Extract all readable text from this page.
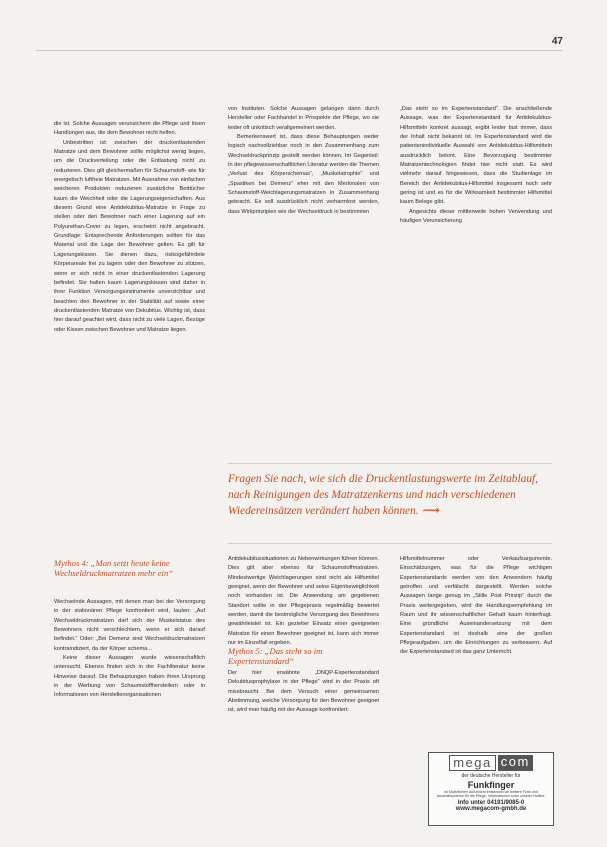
47

die ist. Solche Aussagen verunsichern die Pflege und lösen Handlungen aus, die dem Bewohner nicht helfen.

Unbestritten ist: zwischen der druckentlastenden Matratze und dem Bewohner sollte möglichst wenig liegen, um die Druckverteilung oder die Entlastung nicht zu reduzieren. Dies gilt gleichermaßen für Schaumstoff- wie für energetisch luftfreie Matratzen. Mit Ausnahme von einfachen weicheren Produkten reduzieren zusätzliche Betttücher kaum die Weichheit oder die Lagerungseigenschaften. Aus diesem Grund eine Antidekubitus-Matratze in Frage zu stellen oder den Bewohner nach einer Lagerung auf ein Polyurethan-Cover zu legen, erscheint nicht angebracht. Grundlage: Entsprechende Anforderungen sollten für das Material und die Lage der Bewohner gelten. Es gilt für Lagerungskissen. Sie dienen dazu, risikogefährdete Körperareale frei zu lagern oder den Bewohner zu stützen, wenn er sich nicht in einer druckentlastenden Lagerung befindet. Sie halten kaum Lagerungskissen sind daher in ihrer Funktion Versorgungsinstrumente unverzichtbar und beachten den Bewohner in der Stabilität auf sowie einer druckentlastenden Matratze von Dekubitus. Wichtig ist, dass hier darauf geachtet wird, dass nicht zu viele Lagen, Bezüge oder Kissen zwischen Bewohner und Matratze liegen.

von Instituten. Solche Aussagen gelangen dann durch Hersteller oder Fachhandel in Prospekte der Pflege, wo sie leider oft unkritisch verallgemeinert werden.

Bemerkenswert ist, dass diese Behauptungen weder logisch nachvollziehbar noch in den Zusammenhang zum Wechseldruckprinzip gestellt werden können. Im Gegenteil: In der pflegewissenschaftlichen Literatur werden die Themen „Verlust des Körperschemas“, „Muskelatrophie“ und „Spastiken bei Demenz“ eher mit den Merkmalen von Schaumstoff-Weichlagerungsmatratzen in Zusammenhang gebracht. Es soll ausdrücklich nicht verharmlost werden, dass Wirkprinzipien wie der Wechseldruck in bestimmten

„Das steht so im Expertenstandard“. Die anschließende Aussage, was der Expertenstandard für Antidekubitus-Hilfsmitteln konkret aussagt, ergibt leider fast immer, dass der Inhalt nicht bekannt ist. Im Expertenstandard wird die patientenindividuelle Auswahl von Antidekubitus-Hilfsmitteln ausdrücklich betont. Eine Bevorzugung bestimmter Matratzentechnologien findet hier nicht statt. Es wird vielmehr darauf hingewiesen, dass die Studienlage im Bereich der Antidekubitus-Hilfsmittel insgesamt noch sehr gering ist und es für die Wirksamkeit bestimmter Hilfsmittel kaum Belege gibt.

Angesichts dieser mittlerweile hohen Verwendung und häufigen Verunsicherung

Fragen Sie nach, wie sich die Druckentlastungswerte im Zeitablauf, nach Reinigungen des Matratzenkerns und nach verschiedenen Wiedereinsätzen verändert haben können. ⟿
Mythos 4: „Man setzt heute keine Wechseldruckmatratzen mehr ein“

Wechselnde Aussagen, mit denen man bei der Versorgung in der stationären Pflege konfrontiert wird, lauten: „Auf Wechseldruckmatratzen darf sich der Muskelstatus des Bewohners nicht verschlechtern, wenn er sich darauf befindet.“ Oder: „Bei Demenz sind Wechseldruckmatratzen kontraindiziert, da der Körper schema...

Keine dieser Aussagen wurde wissenschaftlich untersucht. Ebenso finden sich in der Fachliteratur keine Hinweise darauf. Die Behauptungen haben ihren Ursprung in der Werbung von Schaumstoffherstellern oder in Informationen von Herstellerorganisationen

Antidekubitussituationen zu Nebenwirkungen führen können. Dies gilt aber ebenso für Schaumstoffmatratzen. Mindestwertige Weichlagerungen sind nicht als Hilfsmittel geeignet, wenn der Bewohner und seine Eigenbeweglichkeit noch vorhanden ist. Die Anwendung am gegebenen Standort sollte in der Pflegepraxis regelmäßig bewertet werden, damit die bestmögliche Versorgung des Bewohners gewährleistet ist. Ein gezielter Einsatz einer geeigneten Matratze für einen Bewohner geeignet ist, kann sich immer nur im Einzelfall ergeben.

Mythos 5: „Das steht so im Expertenstandard“

Der hier erwähnte „DNQP-Expertenstandard Dekubitusprophylaxe in der Pflege“ wird in der Praxis oft missbraucht. Bei dem Versuch einer gemeinsamen Abstimmung, welche Versorgung für den Bewohner geeignet ist, wird man häufig mit der Aussage konfrontiert:

Hilfsmittelnummer oder Verkaufsargumente. Einschätzungen, was für die Pflege wichtigen Expertenstandards werden von den Anwendern häufig getroffen und verfälscht dargestellt. Werden solche Aussagen lange genug im „Stille Post Prinzip“ durch die Praxis weitergegeben, wird die Handlungsempfehlung im Raum und ihr wissenschaftlicher Gehalt kaum hinterfragt. Eine gründliche Auseinandersetzung mit dem Expertenstandard ist deshalb eine der großen Pflegeaufgaben, um die Einrichtungen zu verbessern. Auf der Expertenstandard ist das ganz Unterricht.

mega com
der deutsche Hersteller für
Funkfinger
ist Marktführer! Außerdem entwickeln wir weitere Funk und Anschaltsysteme für die Pflege. Informationen unter unserer Hotline.
Info unter 04191/9085-0
www.megacom-gmbh.de
